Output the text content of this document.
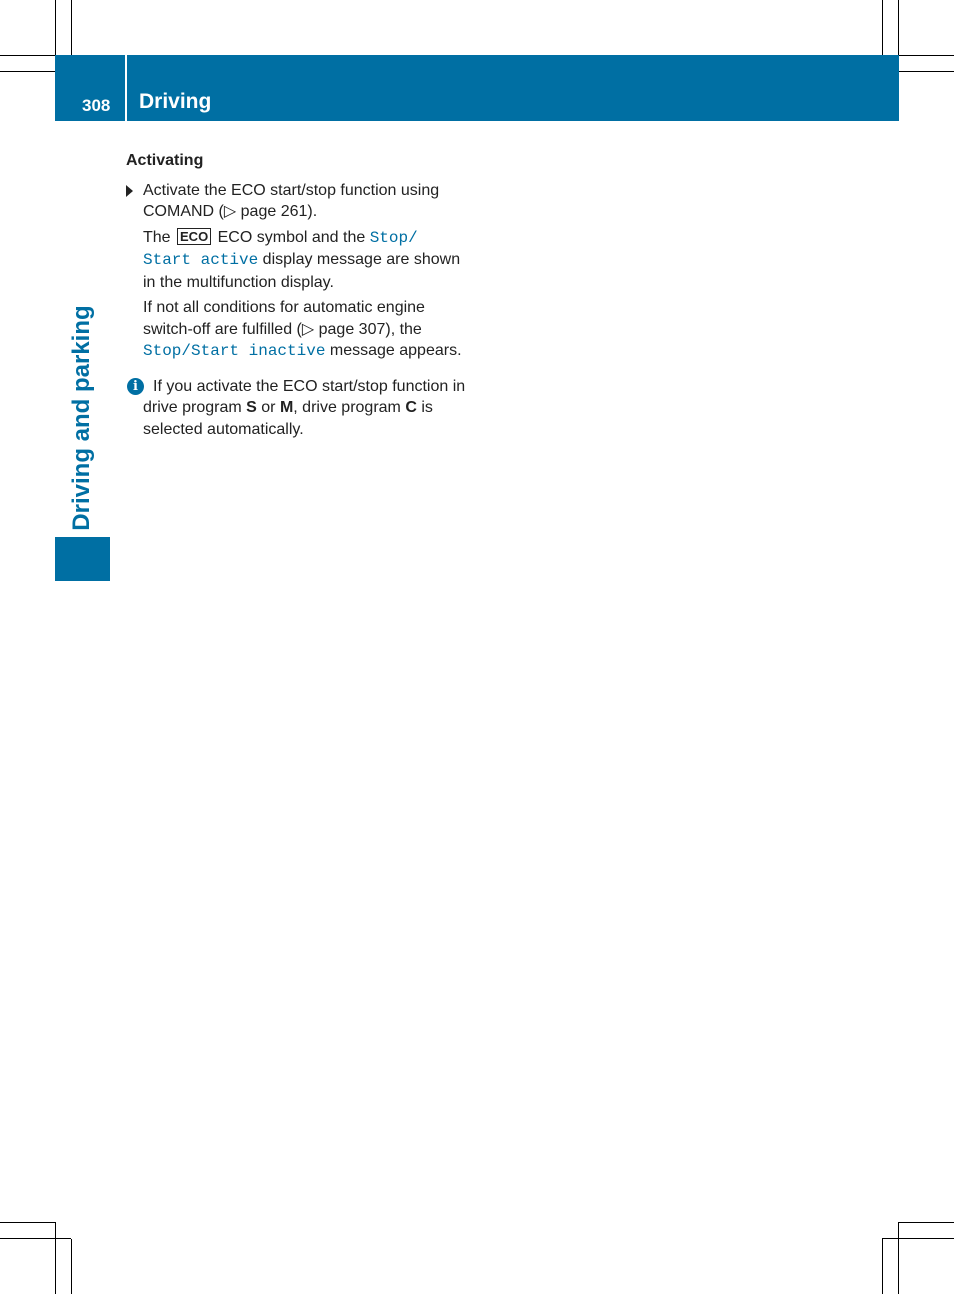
308 Driving
Driving and parking
Activating
Activate the ECO start/stop function using COMAND (▷ page 261).
The ECO ECO symbol and the Stop/
Start active display message are shown in the multifunction display.
If not all conditions for automatic engine switch-off are fulfilled (▷ page 307), the Stop/Start inactive message appears.
i If you activate the ECO start/stop function in drive program S or M, drive program C is selected automatically.
